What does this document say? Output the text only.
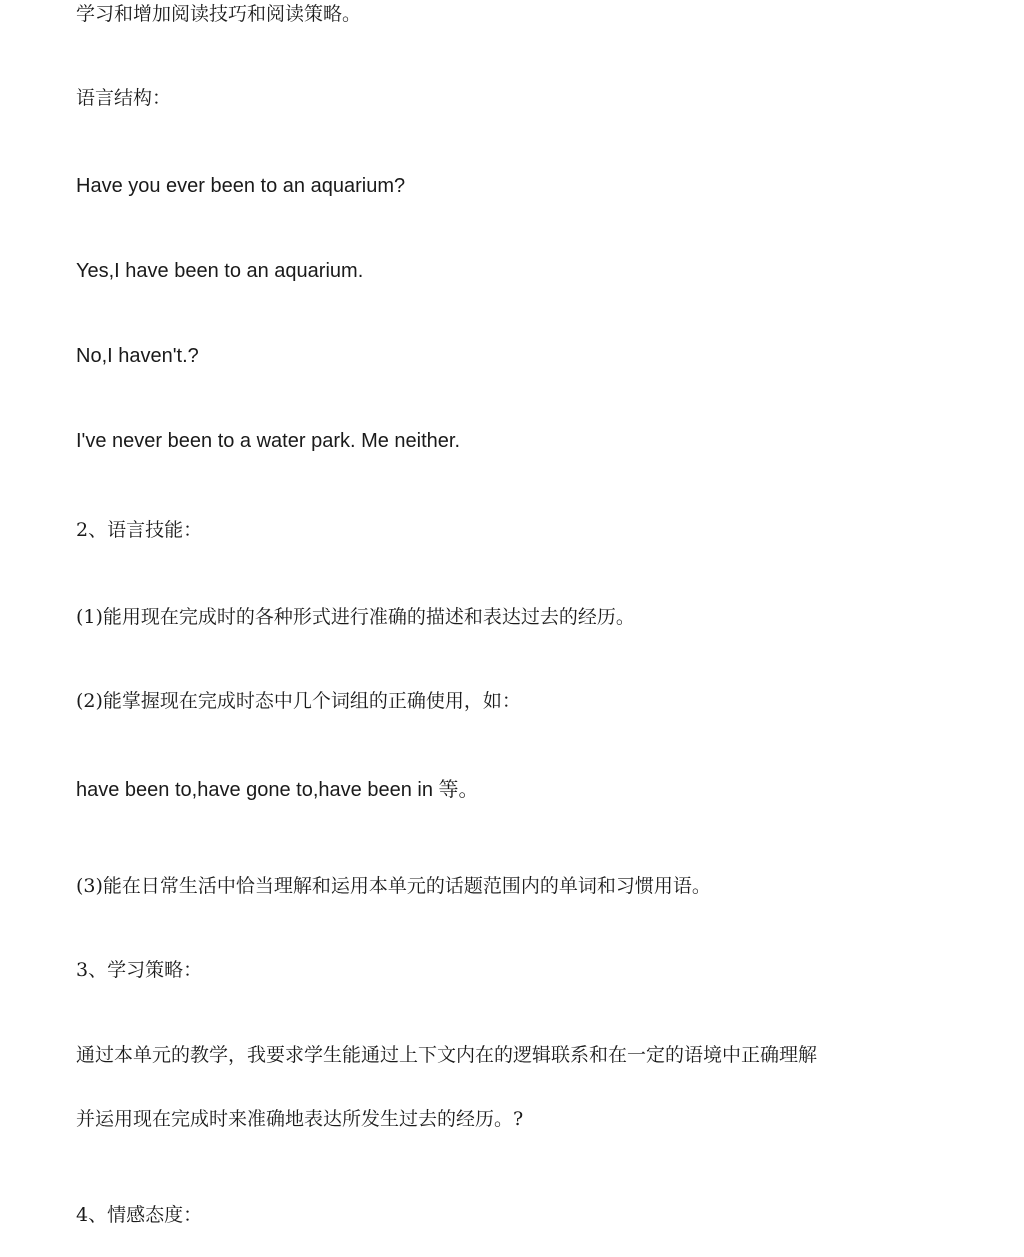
学习和增加阅读技巧和阅读策略。
语言结构：
Have you ever been to an aquarium?
Yes,I have been to an aquarium.
No,I haven't.?
I've never been to a water park. Me neither.
2、语言技能：
(1)能用现在完成时的各种形式进行准确的描述和表达过去的经历。
(2)能掌握现在完成时态中几个词组的正确使用，如：
have been to,have gone to,have been in 等。
(3)能在日常生活中恰当理解和运用本单元的话题范围内的单词和习惯用语。
3、学习策略：
通过本单元的教学，我要求学生能通过上下文内在的逻辑联系和在一定的语境中正确理解
并运用现在完成时来准确地表达所发生过去的经历。?
4、情感态度：
